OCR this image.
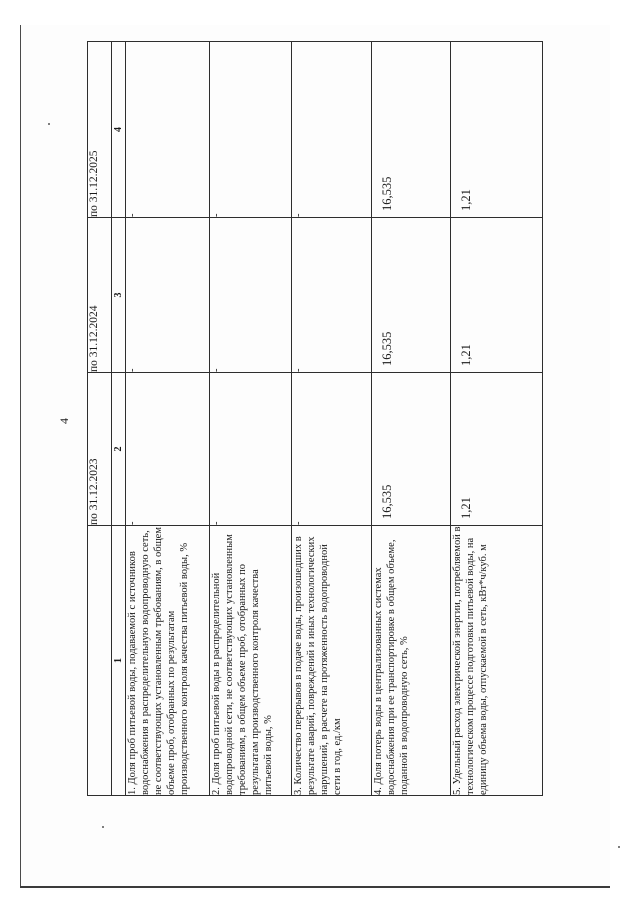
4
	по 31.12.2023	по 31.12.2024	по 31.12.2025
1	2	3	4
1. Доля проб питьевой воды, подаваемой с источников водоснабжения в распределительную водопроводную сеть, не соответствующих установленным требованиям, в общем объеме проб, отобранных по результатам производственного контроля качества питьевой воды, %	-	-	-
2. Доля проб питьевой воды в распределительной водопроводной сети, не соответствующих установленным требованиям, в общем объеме проб, отобранных по результатам производственного контроля качества питьевой воды, %	-	-	-
3. Количество перерывов в подаче воды, произошедших в результате аварий, повреждений и иных технологических нарушений, в расчете на протяженность водопроводной сети в год, ед./км	-	-	-
4. Доля потерь воды в централизованных системах водоснабжения при ее транспортировке в общем объеме, поданной в водопроводную сеть, %	16,535	16,535	16,535
5. Удельный расход электрической энергии, потребляемой в технологическом процессе подготовки питьевой воды, на единицу объема воды, отпускаемой в сеть, кВт*ч/куб. м	1,21	1,21	1,21
